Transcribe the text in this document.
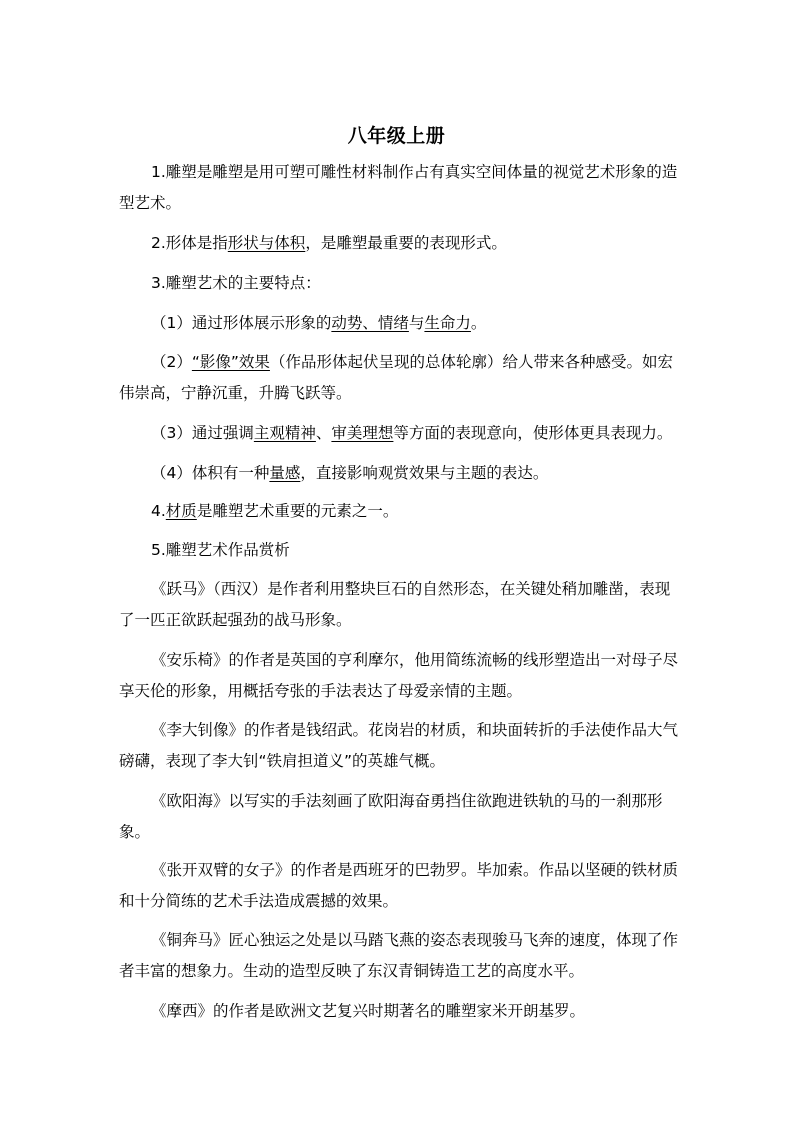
八年级上册
1.雕塑是雕塑是用可塑可雕性材料制作占有真实空间体量的视觉艺术形象的造型艺术。
2.形体是指形状与体积，是雕塑最重要的表现形式。
3.雕塑艺术的主要特点：
（1）通过形体展示形象的动势、情绪与生命力。
（2）“影像”效果（作品形体起伏呈现的总体轮廓）给人带来各种感受。如宏伟崇高，宁静沉重，升腾飞跃等。
（3）通过强调主观精神、审美理想等方面的表现意向，使形体更具表现力。
（4）体积有一种量感，直接影响观赏效果与主题的表达。
4.材质是雕塑艺术重要的元素之一。
5.雕塑艺术作品赏析
《跃马》（西汉）是作者利用整块巨石的自然形态，在关键处稍加雕凿，表现了一匹正欲跃起强劲的战马形象。
《安乐椅》的作者是英国的亨利摩尔，他用简练流畅的线形塑造出一对母子尽享天伦的形象，用概括夸张的手法表达了母爱亲情的主题。
《李大钊像》的作者是钱绍武。花岗岩的材质，和块面转折的手法使作品大气磅礴，表现了李大钊“铁肩担道义”的英雄气概。
《欧阳海》以写实的手法刻画了欧阳海奋勇挡住欲跑进铁轨的马的一刹那形象。
《张开双臂的女子》的作者是西班牙的巴勃罗。毕加索。作品以坚硬的铁材质和十分简练的艺术手法造成震撼的效果。
《铜奔马》匠心独运之处是以马踏飞燕的姿态表现骏马飞奔的速度，体现了作者丰富的想象力。生动的造型反映了东汉青铜铸造工艺的高度水平。
《摩西》的作者是欧洲文艺复兴时期著名的雕塑家米开朗基罗。
